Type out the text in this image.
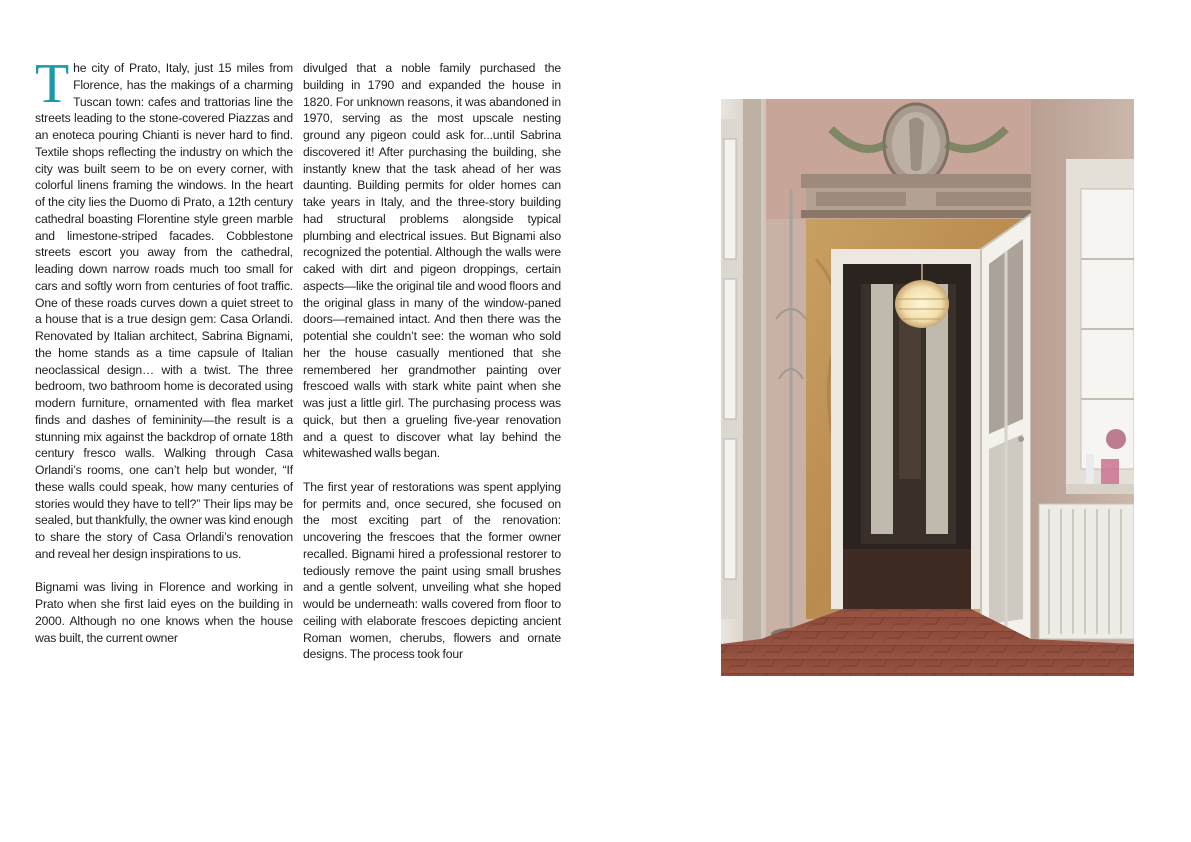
The city of Prato, Italy, just 15 miles from Florence, has the makings of a charming Tuscan town: cafes and trattorias line the streets leading to the stone-covered Piazzas and an enoteca pouring Chianti is never hard to find. Textile shops reflecting the industry on which the city was built seem to be on every corner, with colorful linens framing the windows. In the heart of the city lies the Duomo di Prato, a 12th century cathedral boasting Florentine style green marble and limestone-striped facades. Cobblestone streets escort you away from the cathedral, leading down narrow roads much too small for cars and softly worn from centuries of foot traffic. One of these roads curves down a quiet street to a house that is a true design gem: Casa Orlandi. Renovated by Italian architect, Sabrina Bignami, the home stands as a time capsule of Italian neoclassical design… with a twist. The three bedroom, two bathroom home is decorated using modern furniture, ornamented with flea market finds and dashes of femininity—the result is a stunning mix against the backdrop of ornate 18th century fresco walls. Walking through Casa Orlandi’s rooms, one can’t help but wonder, “If these walls could speak, how many centuries of stories would they have to tell?” Their lips may be sealed, but thankfully, the owner was kind enough to share the story of Casa Orlandi’s renovation and reveal her design inspirations to us.

Bignami was living in Florence and working in Prato when she first laid eyes on the building in 2000. Although no one knows when the house was built, the current owner

divulged that a noble family purchased the building in 1790 and expanded the house in 1820. For unknown reasons, it was abandoned in 1970, serving as the most upscale nesting ground any pigeon could ask for...until Sabrina discovered it! After purchasing the building, she instantly knew that the task ahead of her was daunting. Building permits for older homes can take years in Italy, and the three-story building had structural problems alongside typical plumbing and electrical issues. But Bignami also recognized the potential. Although the walls were caked with dirt and pigeon droppings, certain aspects—like the original tile and wood floors and the original glass in many of the window-paned doors—remained intact. And then there was the potential she couldn’t see: the woman who sold her the house casually mentioned that she remembered her grandmother painting over frescoed walls with stark white paint when she was just a little girl. The purchasing process was quick, but then a grueling five-year renovation and a quest to discover what lay behind the whitewashed walls began.

The first year of restorations was spent applying for permits and, once secured, she focused on the most exciting part of the renovation: uncovering the frescoes that the former owner recalled. Bignami hired a professional restorer to tediously remove the paint using small brushes and a gentle solvent, unveiling what she hoped would be underneath: walls covered from floor to ceiling with elaborate frescoes depicting ancient Roman women, cherubs, flowers and ornate designs. The process took four
